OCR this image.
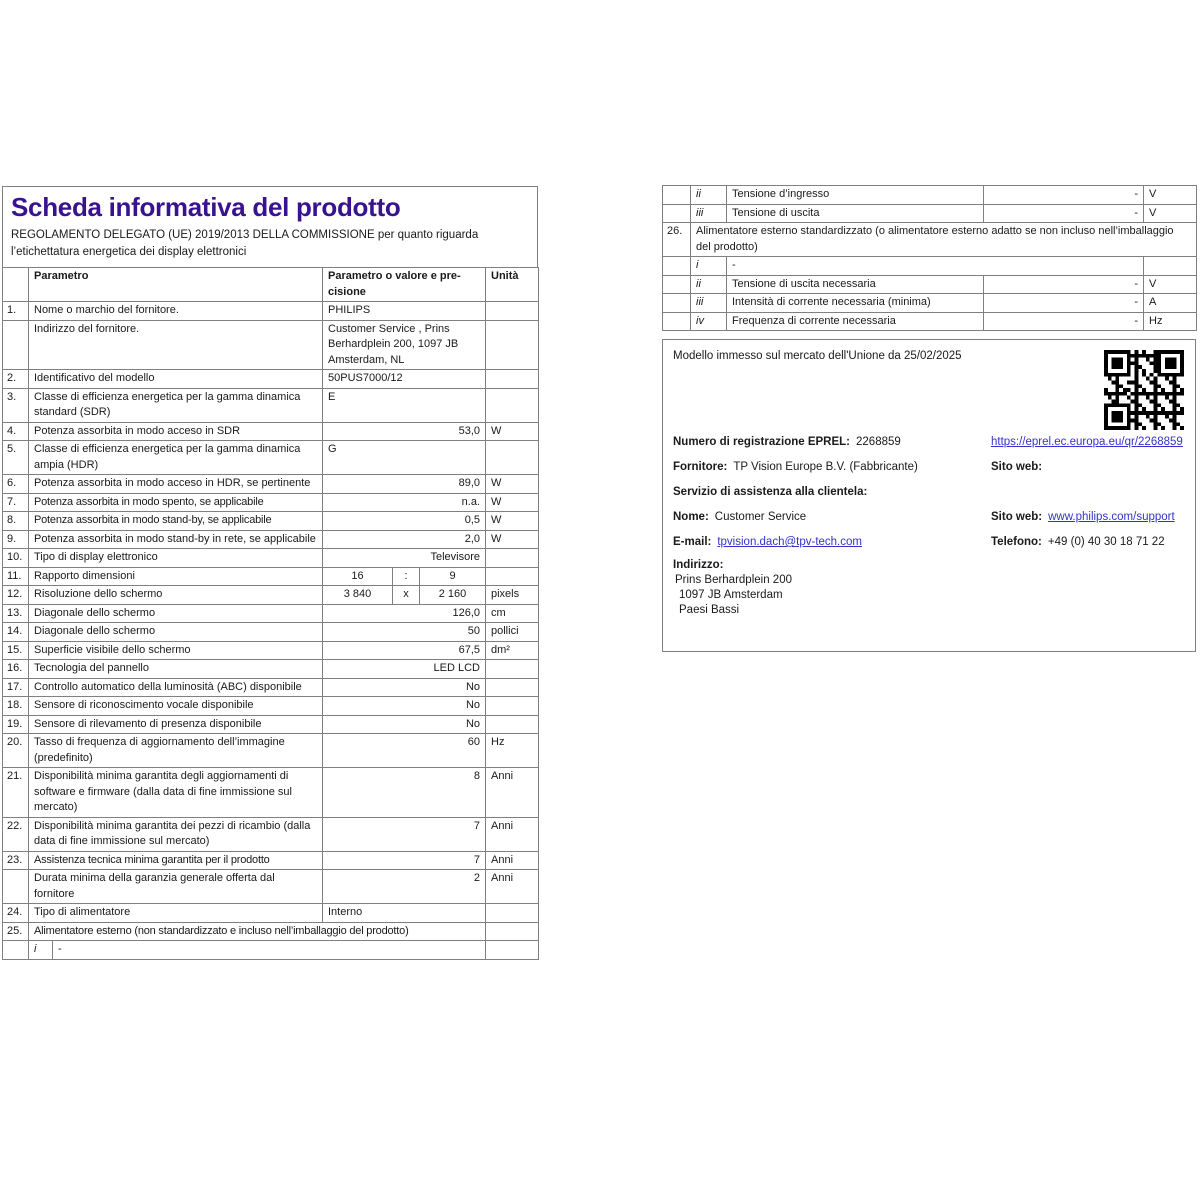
Scheda informativa del prodotto
REGOLAMENTO DELEGATO (UE) 2019/2013 DELLA COMMISSIONE per quanto riguarda l’etichettatura energetica dei display elettronici
	Parametro	Parametro o valore e precisione	Unità
1.	Nome o marchio del fornitore.	PHILIPS	
	Indirizzo del fornitore.	Customer Service , Prins Berhardplein 200, 1097 JB Amsterdam, NL	
2.	Identificativo del modello	50PUS7000/12	
3.	Classe di efficienza energetica per la gamma dinamica standard (SDR)	E	
4.	Potenza assorbita in modo acceso in SDR	53,0	W
5.	Classe di efficienza energetica per la gamma dinamica ampia (HDR)	G	
6.	Potenza assorbita in modo acceso in HDR, se pertinente	89,0	W
7.	Potenza assorbita in modo spento, se applicabile	n.a.	W
8.	Potenza assorbita in modo stand-by, se applicabile	0,5	W
9.	Potenza assorbita in modo stand-by in rete, se applicabile	2,0	W
10.	Tipo di display elettronico	Televisore	
11.	Rapporto dimensioni	16	:	9	
12.	Risoluzione dello schermo	3 840	x	2 160	pixels
13.	Diagonale dello schermo	126,0	cm
14.	Diagonale dello schermo	50	pollici
15.	Superficie visibile dello schermo	67,5	dm²
16.	Tecnologia del pannello	LED LCD	
17.	Controllo automatico della luminosità (ABC) disponibile	No	
18.	Sensore di riconoscimento vocale disponibile	No	
19.	Sensore di rilevamento di presenza disponibile	No	
20.	Tasso di frequenza di aggiornamento dell’immagine (predefinito)	60	Hz
21.	Disponibilità minima garantita degli aggiornamenti di software e firmware (dalla data di fine immissione sul mercato)	8	Anni
22.	Disponibilità minima garantita dei pezzi di ricambio (dalla data di fine immissione sul mercato)	7	Anni
23.	Assistenza tecnica minima garantita per il prodotto	7	Anni
	Durata minima della garanzia generale offerta dal fornitore	2	Anni
24.	Tipo di alimentatore	Interno	
25.	Alimentatore esterno (non standardizzato e incluso nell’imballaggio del prodotto)	
	i	-	
	ii	Tensione d’ingresso	-	V
	iii	Tensione di uscita	-	V
26.	Alimentatore esterno standardizzato (o alimentatore esterno adatto se non incluso nell’imballaggio del prodotto)
	i	-	
	ii	Tensione di uscita necessaria	-	V
	iii	Intensità di corrente necessaria (minima)	-	A
	iv	Frequenza di corrente necessaria	-	Hz
Modello immesso sul mercato dell'Unione da 25/02/2025
Numero di registrazione EPREL: 2268859	https://eprel.ec.europa.eu/qr/2268859
Fornitore: TP Vision Europe B.V. (Fabbricante)	Sito web:
Servizio di assistenza alla clientela:
Nome: Customer Service	Sito web: www.philips.com/support
E-mail: tpvision.dach@tpv-tech.com	Telefono: +49 (0) 40 30 18 71 22
Indirizzo:
Prins Berhardplein 200
1097 JB Amsterdam
Paesi Bassi
